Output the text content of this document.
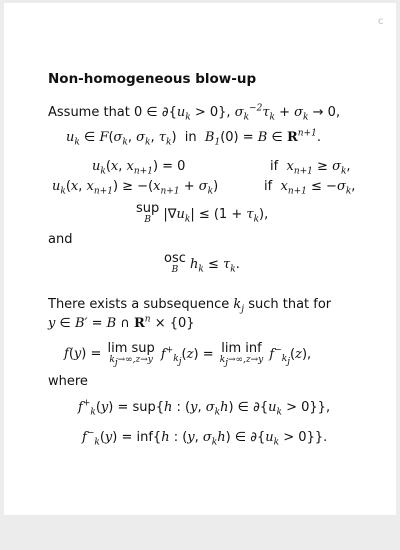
c
Non-homogeneous blow-up
Assume that 0 ∈ $\partial\{u_k > 0\}$, $\sigma_k^{-2}\tau_k + \sigma_k \to 0$,
$u_k$ ∈ $F(\sigma_k$, $\sigma_k$, $\tau_k$) in $B_1(0) = B$ ∈ $R^{n+1}$.
$u_k(x$, $x_{n+1}) = 0$	if $x_{n+1} \ge \sigma_k$,
$u_k(x$, $x_{n+1}) \ge -(x_{n+1} + \sigma_k)$	if $x_{n+1} \le -\sigma_k$,
sup
B $|\nabla u_k| \le (1 + \tau_k)$,
and
osc
B $h_k \le \tau_k$.
There exists a subsequence $k_j$ such that for
y ∈ B′ = B ∩ $R^n \times \{0\}$
f(y) = lim sup
$k_j\to\infty,z\to y$ $f^+_{k_j}(z) = \lim$ inf
$k_j\to\infty,z\to y$ $f^-_{k_j}(z)$,
where
$f^+_k(y) = sup\{h$ : (y, $\sigma_kh$) ∈ $\partial\{u_k > 0\}$},
$f^-_k(y) = inf\{h$ : (y, $\sigma_kh$) ∈ $\partial\{u_k > 0\}$}.
